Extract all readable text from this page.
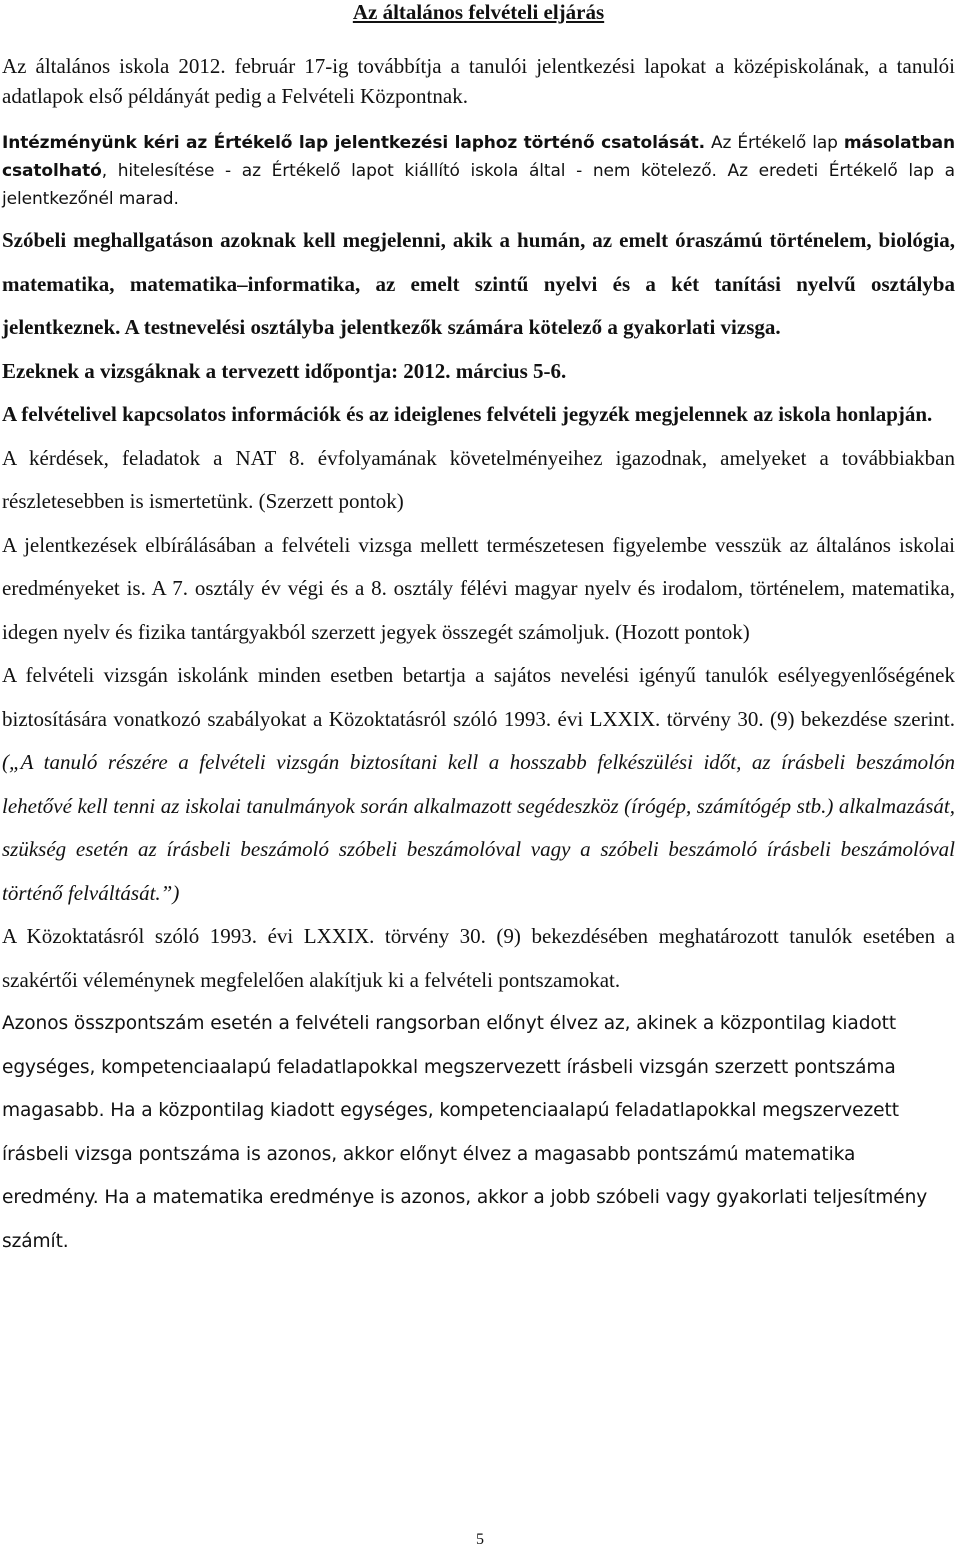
Az általános felvételi eljárás

Az általános iskola 2012. február 17-ig továbbítja a tanulói jelentkezési lapokat a középiskolának, a tanulói adatlapok első példányát pedig a Felvételi Központnak.

Intézményünk kéri az Értékelő lap jelentkezési laphoz történő csatolását. Az Értékelő lap másolatban csatolható, hitelesítése - az Értékelő lapot kiállító iskola által - nem kötelező. Az eredeti Értékelő lap a jelentkezőnél marad.

Szóbeli meghallgatáson azoknak kell megjelenni, akik a humán, az emelt óraszámú történelem, biológia, matematika, matematika–informatika, az emelt szintű nyelvi és a két tanítási nyelvű osztályba jelentkeznek. A testnevelési osztályba jelentkezők számára kötelező a gyakorlati vizsga.

Ezeknek a vizsgáknak a tervezett időpontja: 2012. március 5-6.

A felvételivel kapcsolatos információk és az ideiglenes felvételi jegyzék megjelennek az iskola honlapján.

A kérdések, feladatok a NAT 8. évfolyamának követelményeihez igazodnak, amelyeket a továbbiakban részletesebben is ismertetünk. (Szerzett pontok)

A jelentkezések elbírálásában a felvételi vizsga mellett természetesen figyelembe vesszük az általános iskolai eredményeket is. A 7. osztály év végi és a 8. osztály félévi magyar nyelv és irodalom, történelem, matematika, idegen nyelv és fizika tantárgyakból szerzett jegyek összegét számoljuk. (Hozott pontok)

A felvételi vizsgán iskolánk minden esetben betartja a sajátos nevelési igényű tanulók esélyegyenlőségének biztosítására vonatkozó szabályokat a Közoktatásról szóló 1993. évi LXXIX. törvény 30. (9) bekezdése szerint. („A tanuló részére a felvételi vizsgán biztosítani kell a hosszabb felkészülési időt, az írásbeli beszámolón lehetővé kell tenni az iskolai tanulmányok során alkalmazott segédeszköz (írógép, számítógép stb.) alkalmazását, szükség esetén az írásbeli beszámoló szóbeli beszámolóval vagy a szóbeli beszámoló írásbeli beszámolóval történő felváltását.”)

A Közoktatásról szóló 1993. évi LXXIX. törvény 30. (9) bekezdésében meghatározott tanulók esetében a szakértői véleménynek megfelelően alakítjuk ki a felvételi pontszamokat.

Azonos összpontszám esetén a felvételi rangsorban előnyt élvez az, akinek a központilag kiadott egységes, kompetenciaalapú feladatlapokkal megszervezett írásbeli vizsgán szerzett pontszáma magasabb. Ha a központilag kiadott egységes, kompetenciaalapú feladatlapokkal megszervezett írásbeli vizsga pontszáma is azonos, akkor előnyt élvez a magasabb pontszámú matematika eredmény. Ha a matematika eredménye is azonos, akkor a jobb szóbeli vagy gyakorlati teljesítmény számít.

5
